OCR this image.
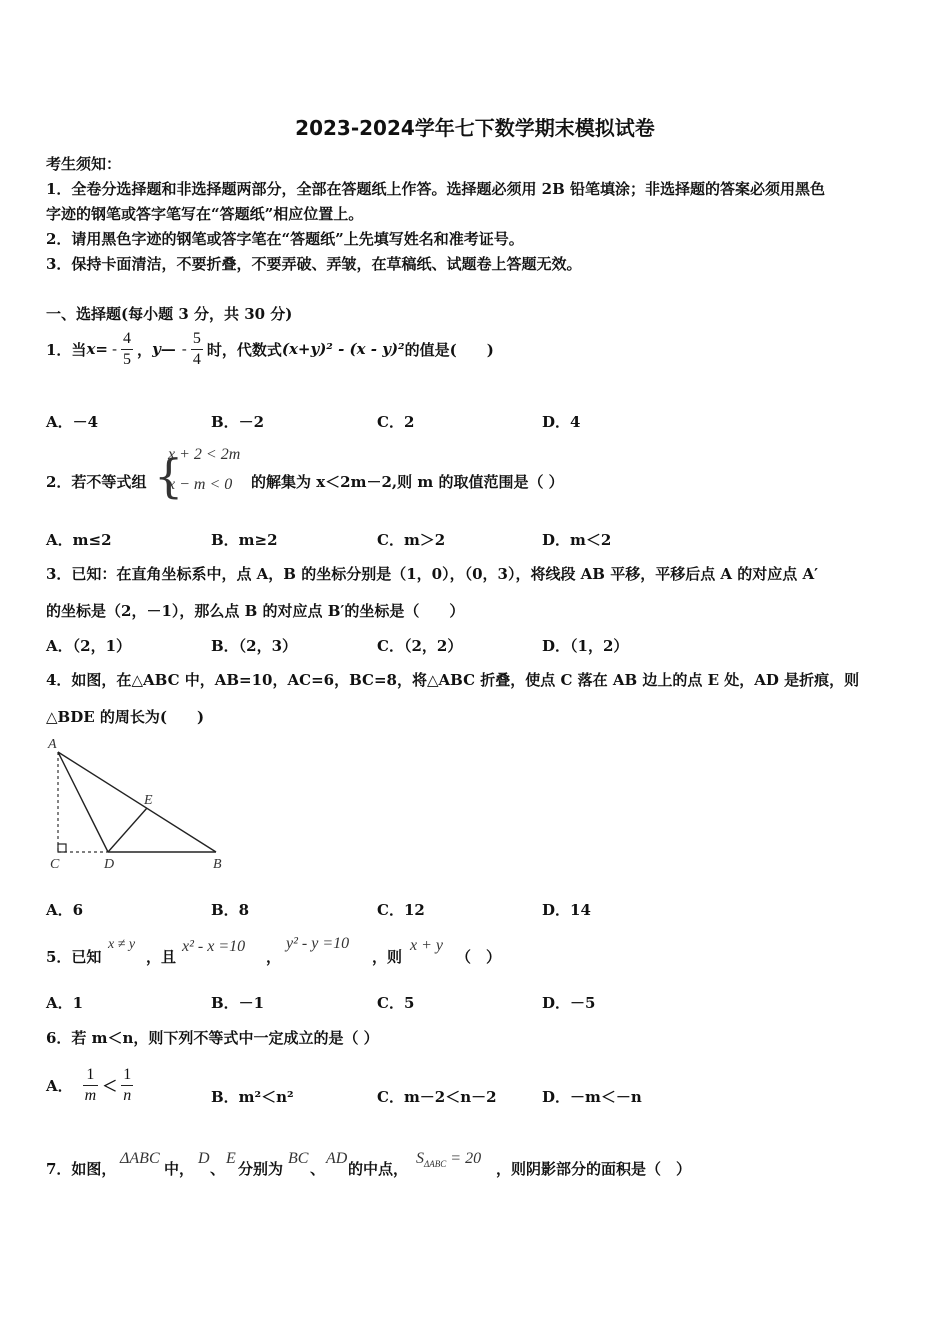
2023-2024学年七下数学期末模拟试卷
考生须知：
1．全卷分选择题和非选择题两部分，全部在答题纸上作答。选择题必须用 2B 铅笔填涂；非选择题的答案必须用黑色
字迹的钢笔或答字笔写在“答题纸”相应位置上。
2．请用黑色字迹的钢笔或答字笔在“答题纸”上先填写姓名和准考证号。
3．保持卡面清洁，不要折叠，不要弄破、弄皱，在草稿纸、试题卷上答题无效。
一、选择题(每小题 3 分，共 30 分)
1．当 x = - $\frac{4}{5}$ ， y — - $\frac{5}{4}$ 时，代数式 (x+y)² - (x - y)² 的值是(　　)
A．－4	B．－2	C．2	D．4
2．若不等式组 {
x + 2 < 2m
x − m < 0 的解集为 x＜2m－2,则 m 的取值范围是（ ）
A．m≤2	B．m≥2	C．m＞2	D．m＜2
3．已知：在直角坐标系中，点 A，B 的坐标分别是（1，0），（0，3），将线段 AB 平移，平移后点 A 的对应点 A′
的坐标是（2，－1），那么点 B 的对应点 B′的坐标是（　　）
A．（2，1）	B．（2，3）	C．（2，2）	D．（1，2）
4．如图，在△ABC 中，AB=10，AC=6，BC=8，将△ABC 折叠，使点 C 落在 AB 边上的点 E 处，AD 是折痕，则
△BDE 的周长为(　　)
A
C	D	B
E
A．6	B．8	C．12	D．14
5．已知
x ≠ y
，且
x² - x =10
，
y² - y =10
，则
x + y
（　）
A．1	B．－1	C．5	D．－5
6．若 m＜n，则下列不等式中一定成立的是（ ）
A． $\frac{1}{m} < \frac{1}{n}$	B．m²＜n²	C．m－2＜n－2	D．－m＜－n
7．如图，
ΔABC
中，
D
、
E
分别为
BC
、
AD
的中点，
$S_{\Delta ABC} = 20$
，则阴影部分的面积是（　）
